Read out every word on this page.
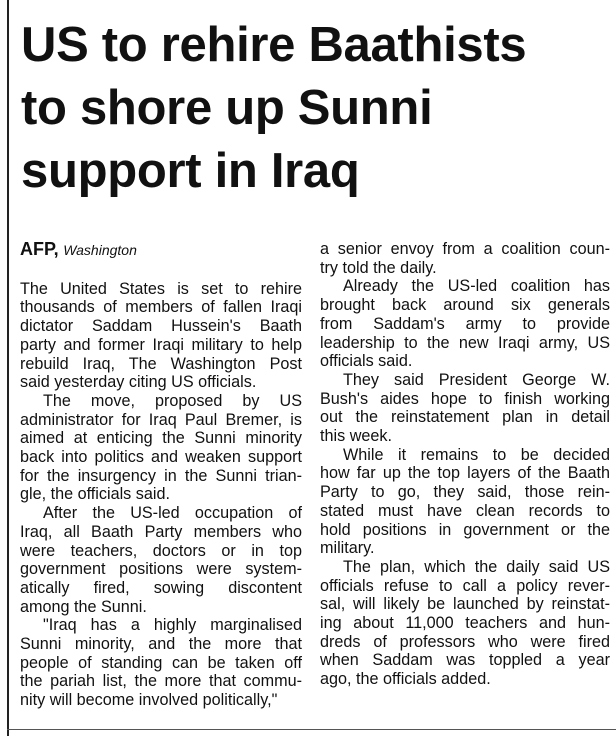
US to rehire Baathists
to shore up Sunni
support in Iraq
AFP, Washington
The United States is set to rehire
thousands of members of fallen Iraqi
dictator Saddam Hussein's Baath
party and former Iraqi military to help
rebuild Iraq, The Washington Post
said yesterday citing US officials.
The move, proposed by US
administrator for Iraq Paul Bremer, is
aimed at enticing the Sunni minority
back into politics and weaken support
for the insurgency in the Sunni trian-
gle, the officials said.
After the US-led occupation of
Iraq, all Baath Party members who
were teachers, doctors or in top
government positions were system-
atically fired, sowing discontent
among the Sunni.
"Iraq has a highly marginalised
Sunni minority, and the more that
people of standing can be taken off
the pariah list, the more that commu-
nity will become involved politically,"
a senior envoy from a coalition coun-
try told the daily.
Already the US-led coalition has
brought back around six generals
from Saddam's army to provide
leadership to the new Iraqi army, US
officials said.
They said President George W.
Bush's aides hope to finish working
out the reinstatement plan in detail
this week.
While it remains to be decided
how far up the top layers of the Baath
Party to go, they said, those rein-
stated must have clean records to
hold positions in government or the
military.
The plan, which the daily said US
officials refuse to call a policy rever-
sal, will likely be launched by reinstat-
ing about 11,000 teachers and hun-
dreds of professors who were fired
when Saddam was toppled a year
ago, the officials added.
